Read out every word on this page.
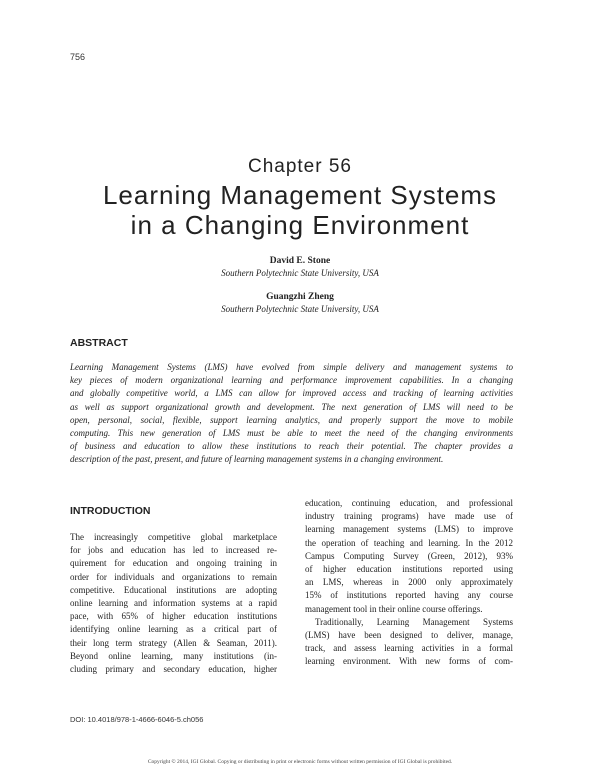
756
Chapter 56
Learning Management Systems
in a Changing Environment
David E. Stone
Southern Polytechnic State University, USA
Guangzhi Zheng
Southern Polytechnic State University, USA
ABSTRACT
Learning Management Systems (LMS) have evolved from simple delivery and management systems to
key pieces of modern organizational learning and performance improvement capabilities. In a changing
and globally competitive world, a LMS can allow for improved access and tracking of learning activities
as well as support organizational growth and development. The next generation of LMS will need to be
open, personal, social, flexible, support learning analytics, and properly support the move to mobile
computing. This new generation of LMS must be able to meet the need of the changing environments
of business and education to allow these institutions to reach their potential. The chapter provides a
description of the past, present, and future of learning management systems in a changing environment.
INTRODUCTION
The increasingly competitive global marketplace
for jobs and education has led to increased re-
quirement for education and ongoing training in
order for individuals and organizations to remain
competitive. Educational institutions are adopting
online learning and information systems at a rapid
pace, with 65% of higher education institutions
identifying online learning as a critical part of
their long term strategy (Allen & Seaman, 2011).
Beyond online learning, many institutions (in-
cluding primary and secondary education, higher
education, continuing education, and professional
industry training programs) have made use of
learning management systems (LMS) to improve
the operation of teaching and learning. In the 2012
Campus Computing Survey (Green, 2012), 93%
of higher education institutions reported using
an LMS, whereas in 2000 only approximately
15% of institutions reported having any course
management tool in their online course offerings.
Traditionally, Learning Management Systems
(LMS) have been designed to deliver, manage,
track, and assess learning activities in a formal
learning environment. With new forms of com-
DOI: 10.4018/978-1-4666-6046-5.ch056
Copyright © 2014, IGI Global. Copying or distributing in print or electronic forms without written permission of IGI Global is prohibited.
